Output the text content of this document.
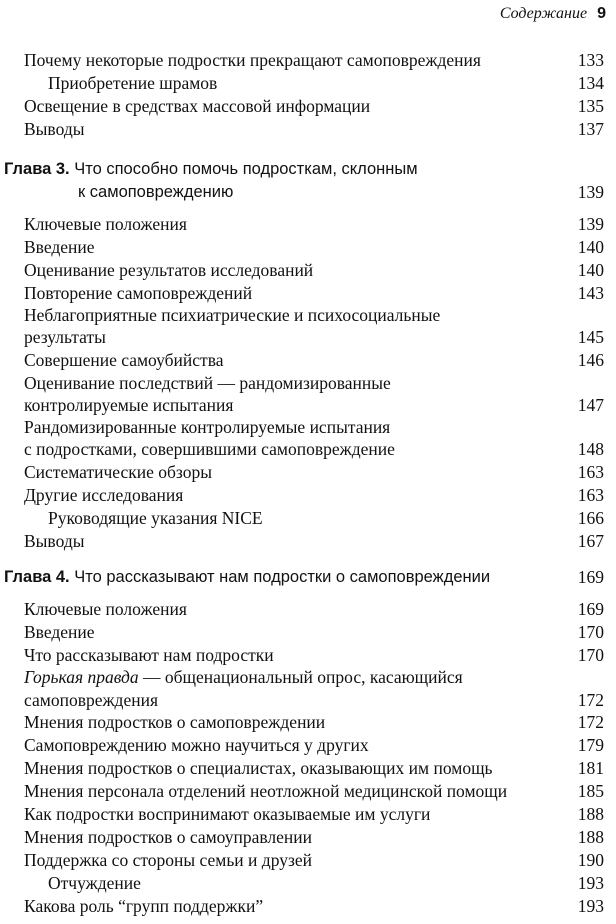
Содержание 9
Почему некоторые подростки прекращают самоповреждения	133
Приобретение шрамов	134
Освещение в средствах массовой информации	135
Выводы	137
Глава 3. Что способно помочь подросткам, склонным
к самоповреждению	139
Ключевые положения	139
Введение	140
Оценивание результатов исследований	140
Повторение самоповреждений	143
Неблагоприятные психиатрические и психосоциальные
результаты	145
Совершение самоубийства	146
Оценивание последствий — рандомизированные
контролируемые испытания	147
Рандомизированные контролируемые испытания
с подростками, совершившими самоповреждение	148
Систематические обзоры	163
Другие исследования	163
Руководящие указания NICE	166
Выводы	167
Глава 4. Что рассказывают нам подростки о самоповреждении	169
Ключевые положения	169
Введение	170
Что рассказывают нам подростки	170
Горькая правда — общенациональный опрос, касающийся
самоповреждения	172
Мнения подростков о самоповреждении	172
Самоповреждению можно научиться у других	179
Мнения подростков о специалистах, оказывающих им помощь	181
Мнения персонала отделений неотложной медицинской помощи	185
Как подростки воспринимают оказываемые им услуги	188
Мнения подростков о самоуправлении	188
Поддержка со стороны семьи и друзей	190
Отчуждение	193
Какова роль “групп поддержки”	193
